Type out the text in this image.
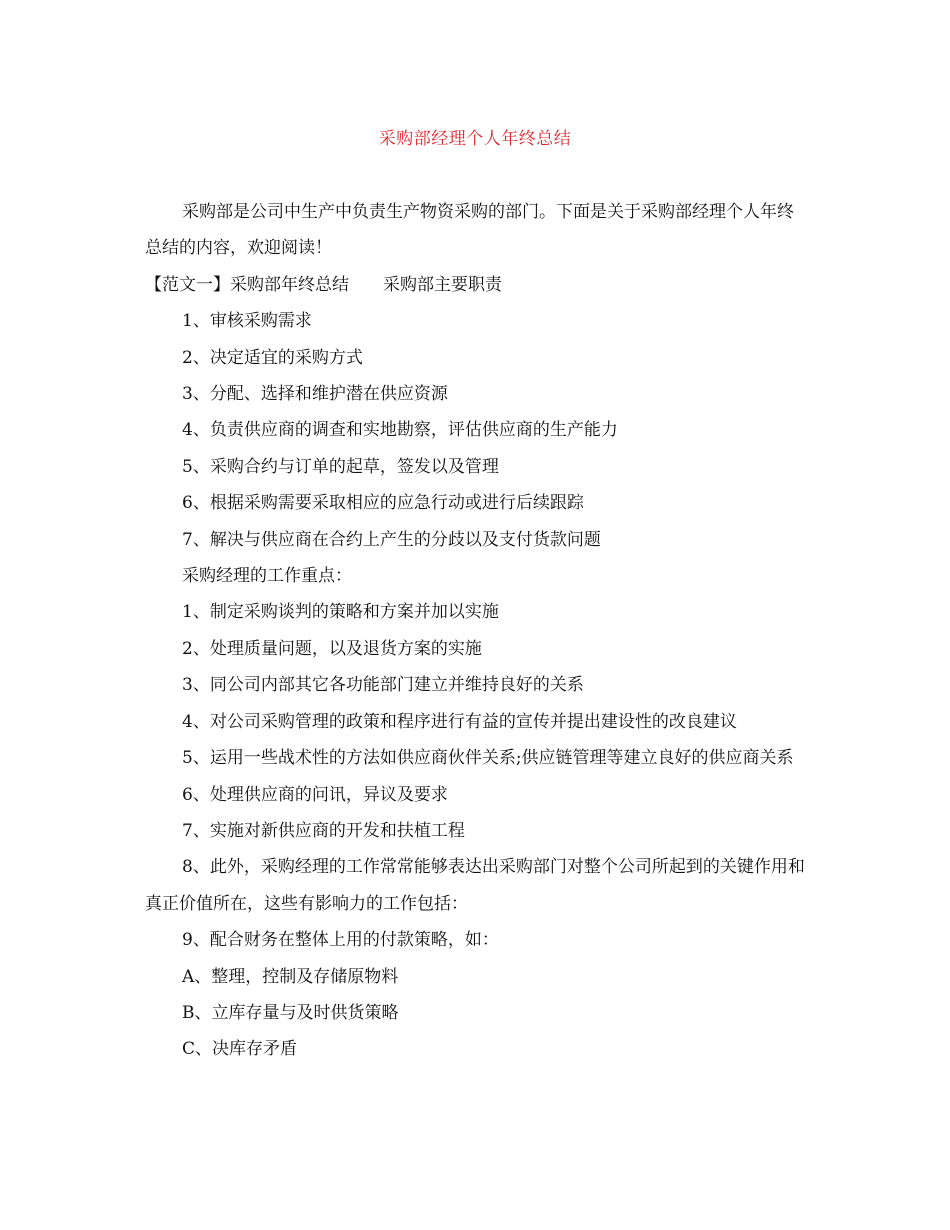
采购部经理个人年终总结

采购部是公司中生产中负责生产物资采购的部门。下面是关于采购部经理个人年终总结的内容，欢迎阅读！

【范文一】采购部年终总结　　采购部主要职责

1、审核采购需求

2、决定适宜的采购方式

3、分配、选择和维护潜在供应资源

4、负责供应商的调查和实地勘察，评估供应商的生产能力

5、采购合约与订单的起草，签发以及管理

6、根据采购需要采取相应的应急行动或进行后续跟踪

7、解决与供应商在合约上产生的分歧以及支付货款问题

采购经理的工作重点：

1、制定采购谈判的策略和方案并加以实施

2、处理质量问题，以及退货方案的实施

3、同公司内部其它各功能部门建立并维持良好的关系

4、对公司采购管理的政策和程序进行有益的宣传并提出建设性的改良建议

5、运用一些战术性的方法如供应商伙伴关系;供应链管理等建立良好的供应商关系

6、处理供应商的问讯，异议及要求

7、实施对新供应商的开发和扶植工程

8、此外，采购经理的工作常常能够表达出采购部门对整个公司所起到的关键作用和真正价值所在，这些有影响力的工作包括：

9、配合财务在整体上用的付款策略，如：

A、整理，控制及存储原物料

B、立库存量与及时供货策略

C、决库存矛盾
